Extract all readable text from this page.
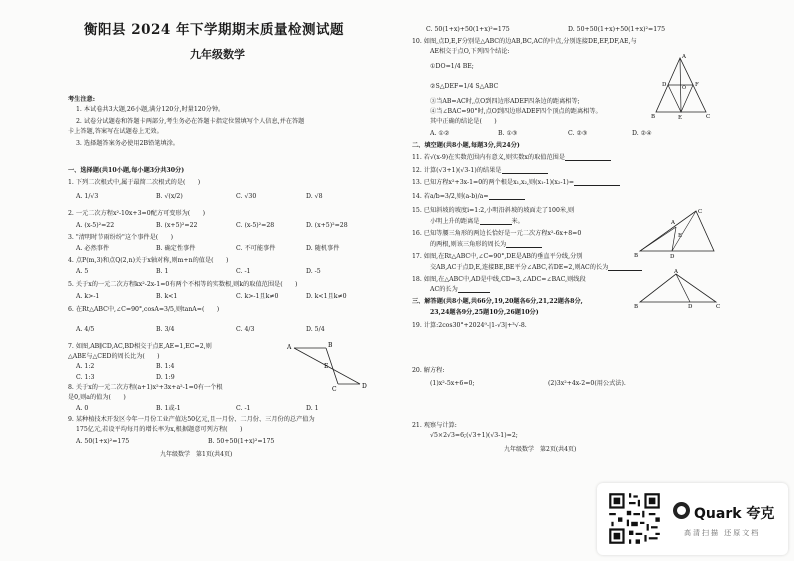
衡阳县 2024 年下学期期末质量检测试题
九年级数学
考生注意:
1. 本试卷共3大题,26小题,满分120分,时量120分钟。
2. 试卷分试题卷和答题卡两部分,考生务必在答题卡指定位置填写个人信息,并在答题
卡上答题,答案写在试题卷上无效。
3. 选择题答案务必使用2B铅笔填涂。
一、选择题(共10小题,每小题3分共30分)
1. 下列二次根式中,属于最简二次根式的是(　　)
A. 1/√3	B. √(x/2)	C. √30	D. √8
2. 一元二次方程x²-10x+3=0配方可变形为(　　)
A. (x-5)²=22	B. (x+5)²=22	C. (x-5)²=28	D. (x+5)²=28
3. "清明时节雨纷纷"这个事件是(　　)
A. 必然事件	B. 确定性事件	C. 不可能事件	D. 随机事件
4. 点P(m,3)和点Q(2,n)关于x轴对称,则m+n的值是(　　)
A. 5	B. 1	C. -1	D. -5
5. 关于x的一元二次方程kx²-2x-1=0有两个不相等的实数根,则k的取值范围是(　　)
A. k>-1	B. k<1	C. k>-1且k≠0	D. k<1且k≠0
6. 在Rt△ABC中,∠C=90°,cosA=3/5,则tanA=(　　)
A. 4/5	B. 3/4	C. 4/3	D. 5/4
7. 如图,AB∥CD,AC,BD相交于点E,AE=1,EC=2,则
△ABE与△CED的周长比为(　　)
A. 1:2	B. 1:4
C. 1:3	D. 1:9
A	B
E
C	D
8. 关于x的一元二次方程(a+1)x²+3x+a²-1=0有一个根
是0,则a的值为(　　)
A. 0	B. 1或-1	C. -1	D. 1
9. 某种植技术开发区今年一月份工业产值达50亿元,且一月份、二月份、三月份的总产值为
175亿元,若设平均每月的增长率为x,根据题意可列方程(　　)
A. 50(1+x)²=175	B. 50+50(1+x)²=175
九年级数学　第1页(共4页)
C. 50(1+x)+50(1+x)²=175	D. 50+50(1+x)+50(1+x)²=175
10. 如图,点D,E,F分别是△ABC的边AB,BC,AC的中点,分别连接DE,EF,DF,AE,与
AE相交于点O,下列四个结论:
①DO=1/4 BE;
②S△DEF=1/4 S△ABC
③当AB=AC时,点O到四边形ADEF四条边的距离相等;
④当∠BAC=90°时,点O到四边形ADEF四个顶点的距离相等。
其中正确的结论是(　　)
A. ①②	B. ①③	C. ②③	D. ②④
A
D	F
B	E	C
O
二、填空题(共8小题,每题3分,共24分)
11. 若√(x-9)在实数范围内有意义,则实数x的取值范围是
12. 计算(√3+1)(√3-1)的结果是
13. 已知方程x²+3x-1=0的两个根是x₁,x₂,则(x₁-1)(x₂-1)=
14. 若a/b=3/2,则(a-b)/a=
15. 已知斜坡的坡度i=1:2,小明沿斜坡的坡面走了100米,则
小明上升的距离是	米。
16. 已知等腰三角形的两边长恰好是一元二次方程x²-6x+8=0
的两根,则该三角形的周长为
A
E
D
B
C
17. 如图,在Rt△ABC中,∠C=90°,DE是AB的垂直平分线,分别
交AB,AC于点D,E,连接BE,BE平分∠ABC,若DE=2,则AC的长为
18. 如图,在△ABC中,AD是中线,CD=3,∠ADC=∠BAC,则线段
AC的长为
A
B	D	C
三、解答题(共8小题,共66分,19,20题各6分,21,22题各8分,
23,24题各9分,25题10分,26题10分)
19. 计算:2cos30°+2024⁰-|1-√3|+³√-8.
20. 解方程:
(1)x²-5x+6=0;	(2)3x²+4x-2=0(用公式法).
21. 观察与计算:
√5×2√3=6;(√3+1)(√3-1)=2;
九年级数学　第2页(共4页)
Quark 夸克
高清扫描 还原文档
